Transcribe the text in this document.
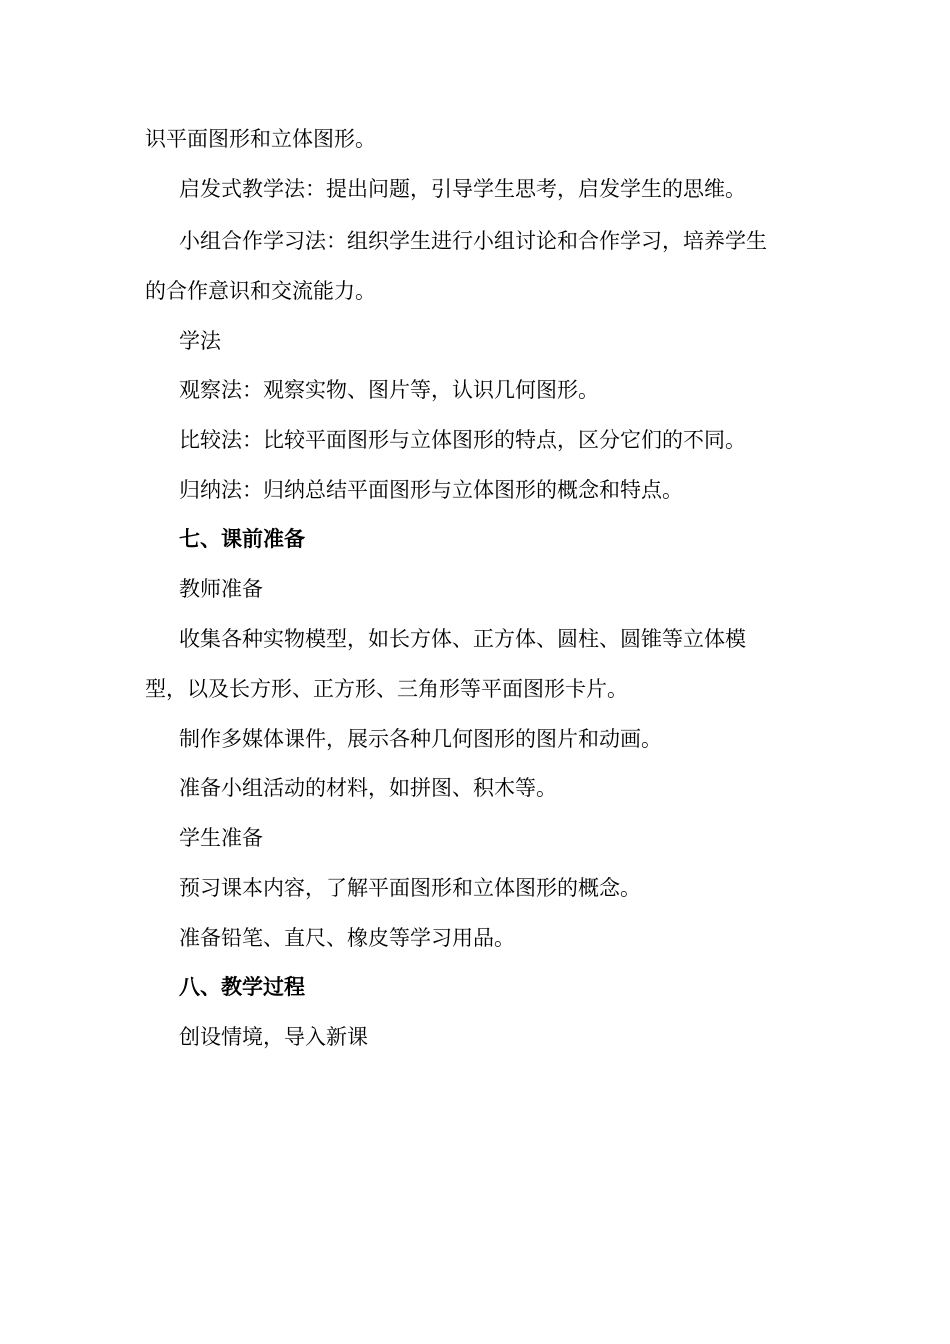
识平面图形和立体图形。
启发式教学法：提出问题，引导学生思考，启发学生的思维。
小组合作学习法：组织学生进行小组讨论和合作学习，培养学生
的合作意识和交流能力。
学法
观察法：观察实物、图片等，认识几何图形。
比较法：比较平面图形与立体图形的特点，区分它们的不同。
归纳法：归纳总结平面图形与立体图形的概念和特点。
七、课前准备
教师准备
收集各种实物模型，如长方体、正方体、圆柱、圆锥等立体模
型，以及长方形、正方形、三角形等平面图形卡片。
制作多媒体课件，展示各种几何图形的图片和动画。
准备小组活动的材料，如拼图、积木等。
学生准备
预习课本内容，了解平面图形和立体图形的概念。
准备铅笔、直尺、橡皮等学习用品。
八、教学过程
创设情境，导入新课
